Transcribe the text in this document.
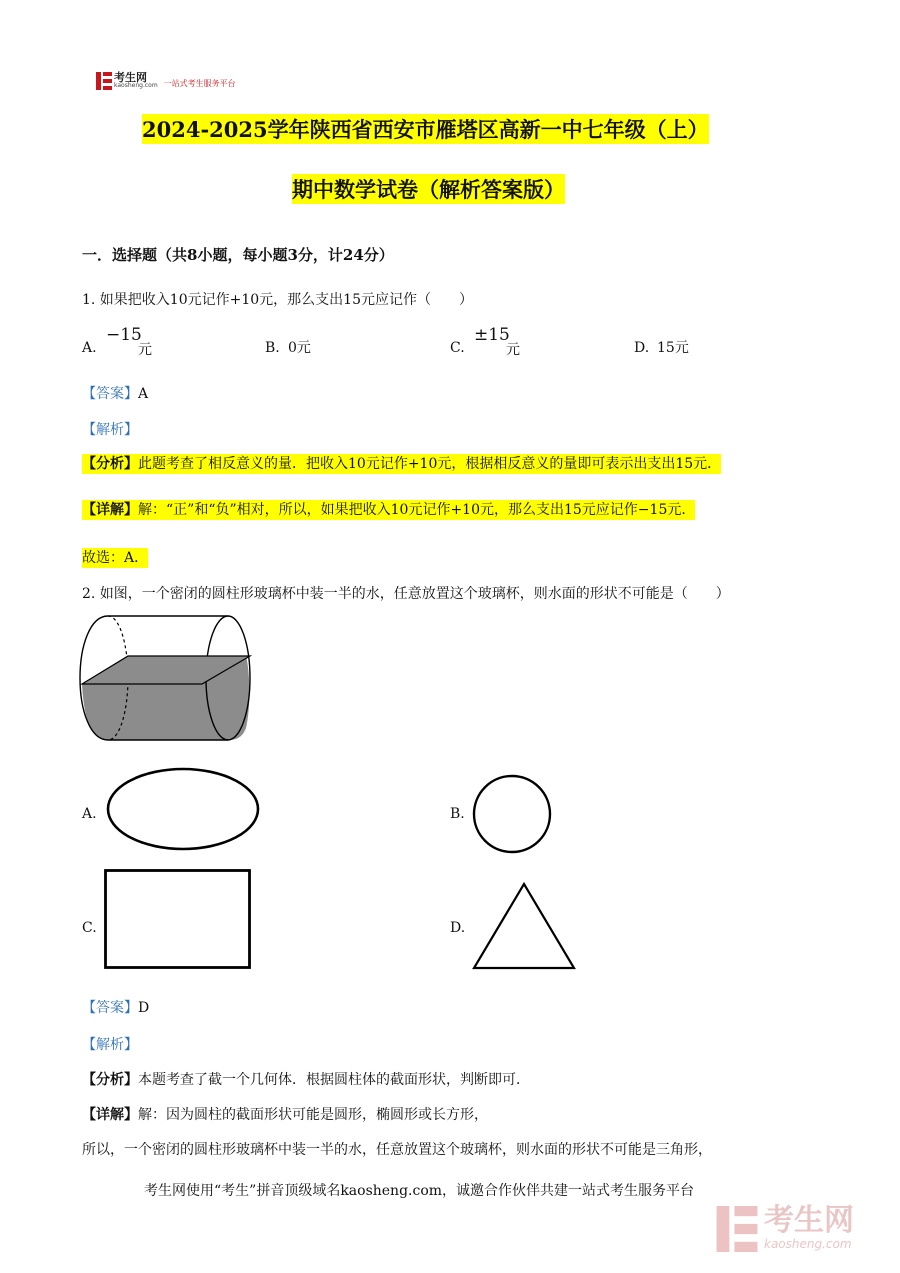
考生网
kaosheng.com 一站式考生服务平台
2024-2025学年陕西省西安市雁塔区高新一中七年级（上）
期中数学试卷（解析答案版）
一．选择题（共8小题，每小题3分，计24分）
1. 如果把收入10元记作+10元，那么支出15元应记作（　　）
A.
−15
元	B. 0元	C.
±15
元	D. 15元
【答案】A
【解析】
【分析】此题考查了相反意义的量．把收入10元记作+10元，根据相反意义的量即可表示出支出15元．
【详解】解：“正”和“负”相对，所以，如果把收入10元记作+10元，那么支出15元应记作−15元．
故选：A．
2. 如图，一个密闭的圆柱形玻璃杯中装一半的水，任意放置这个玻璃杯，则水面的形状不可能是（　　）
A.	B.
C.	D.
【答案】D
【解析】
【分析】本题考查了截一个几何体．根据圆柱体的截面形状，判断即可．
【详解】解：因为圆柱的截面形状可能是圆形，椭圆形或长方形，
所以，一个密闭的圆柱形玻璃杯中装一半的水，任意放置这个玻璃杯，则水面的形状不可能是三角形，
考生网使用“考生”拼音顶级域名kaosheng.com，诚邀合作伙伴共建一站式考生服务平台
考生网
kaosheng.com
